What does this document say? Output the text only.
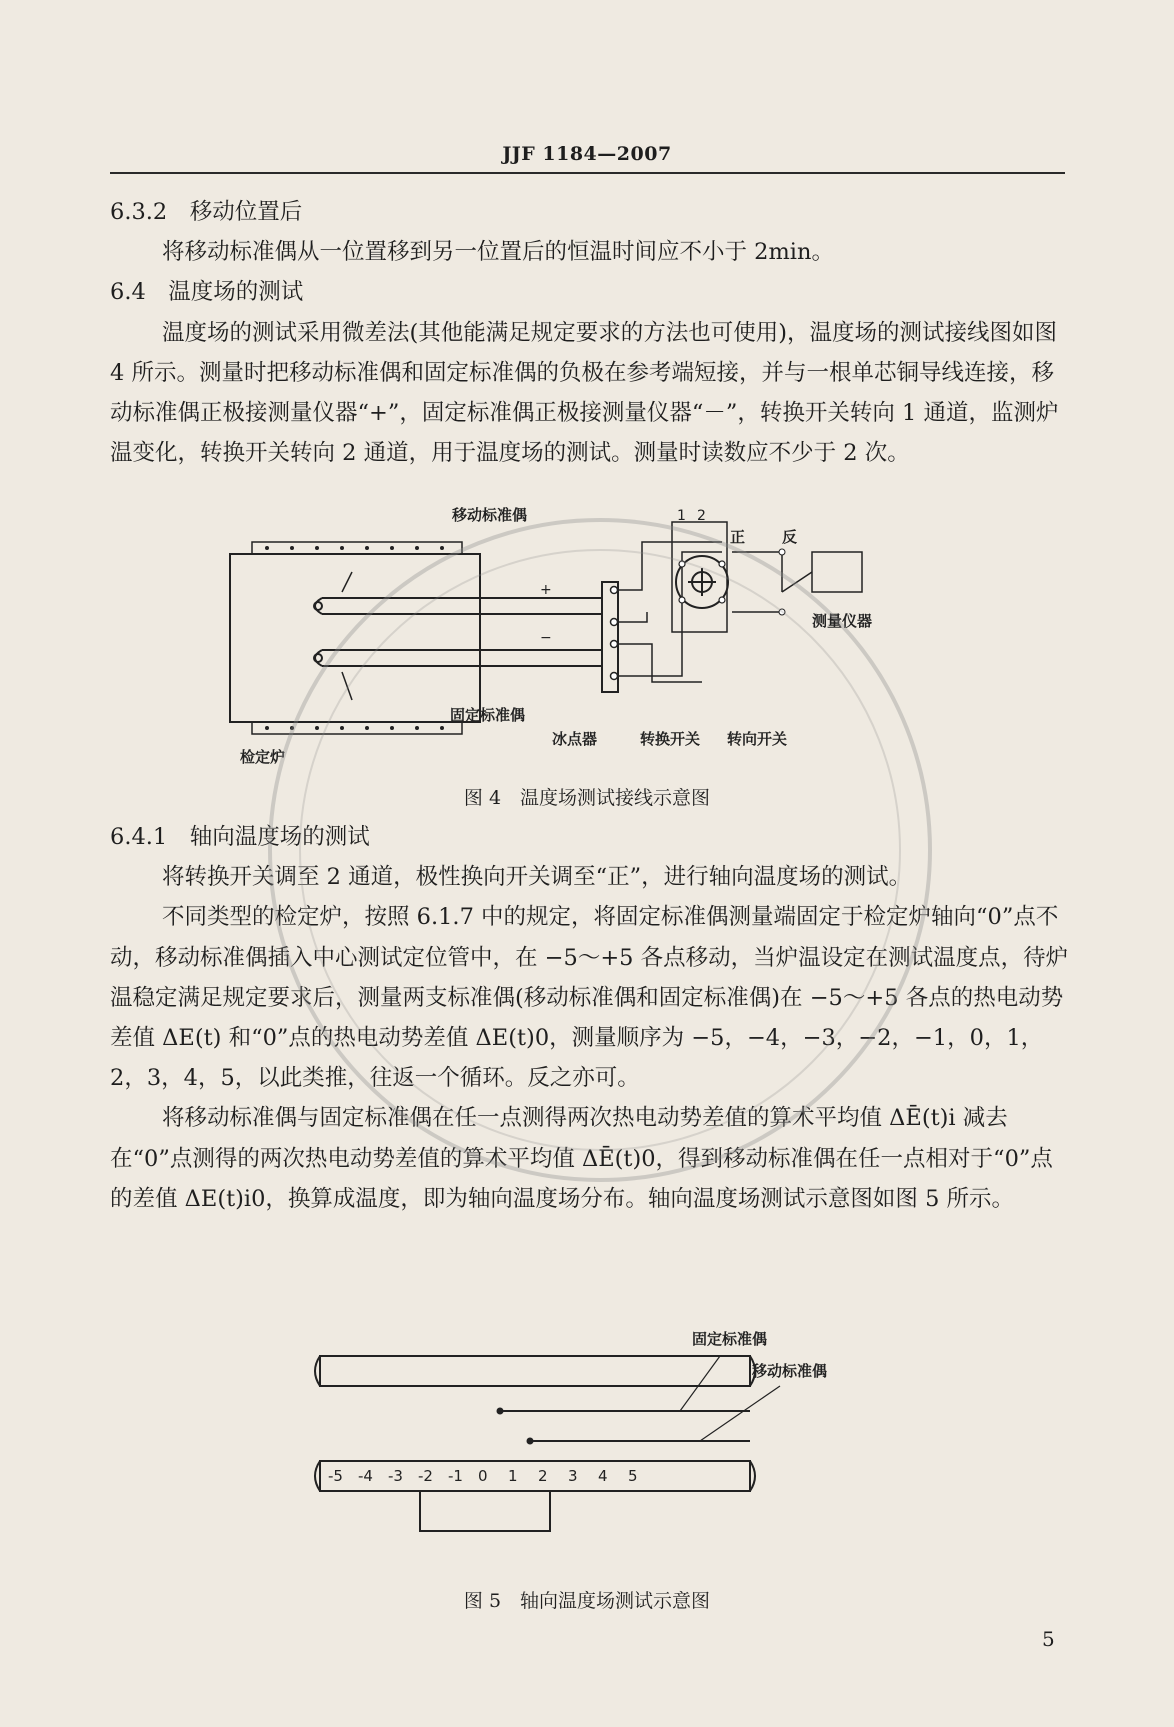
JJF 1184—2007

6.3.2　移动位置后

将移动标准偶从一位置移到另一位置后的恒温时间应不小于 2min。

6.4　温度场的测试

温度场的测试采用微差法(其他能满足规定要求的方法也可使用)，温度场的测试接线图如图 4 所示。测量时把移动标准偶和固定标准偶的负极在参考端短接，并与一根单芯铜导线连接，移动标准偶正极接测量仪器“+”，固定标准偶正极接测量仪器“－”，转换开关转向 1 通道，监测炉温变化，转换开关转向 2 通道，用于温度场的测试。测量时读数应不少于 2 次。

移动标准偶
固定标准偶
检定炉
冰点器	转换开关 转向开关
正 反
测量仪器
1 2
+
−
图 4　温度场测试接线示意图

6.4.1　轴向温度场的测试

将转换开关调至 2 通道，极性换向开关调至“正”，进行轴向温度场的测试。

不同类型的检定炉，按照 6.1.7 中的规定，将固定标准偶测量端固定于检定炉轴向“0”点不动，移动标准偶插入中心测试定位管中，在 −5～+5 各点移动，当炉温设定在测试温度点，待炉温稳定满足规定要求后，测量两支标准偶(移动标准偶和固定标准偶)在 −5～+5 各点的热电动势差值 ΔE(t) 和“0”点的热电动势差值 ΔE(t)0，测量顺序为 −5，−4，−3，−2，−1，0，1，2，3，4，5，以此类推，往返一个循环。反之亦可。

将移动标准偶与固定标准偶在任一点测得两次热电动势差值的算术平均值 ΔĒ(t)i 减去在“0”点测得的两次热电动势差值的算术平均值 ΔĒ(t)0，得到移动标准偶在任一点相对于“0”点的差值 ΔE(t)i0，换算成温度，即为轴向温度场分布。轴向温度场测试示意图如图 5 所示。

-5 -4 -3 -2 -1 0 1 2 3 4 5
固定标准偶
移动标准偶
图 5　轴向温度场测试示意图
5
